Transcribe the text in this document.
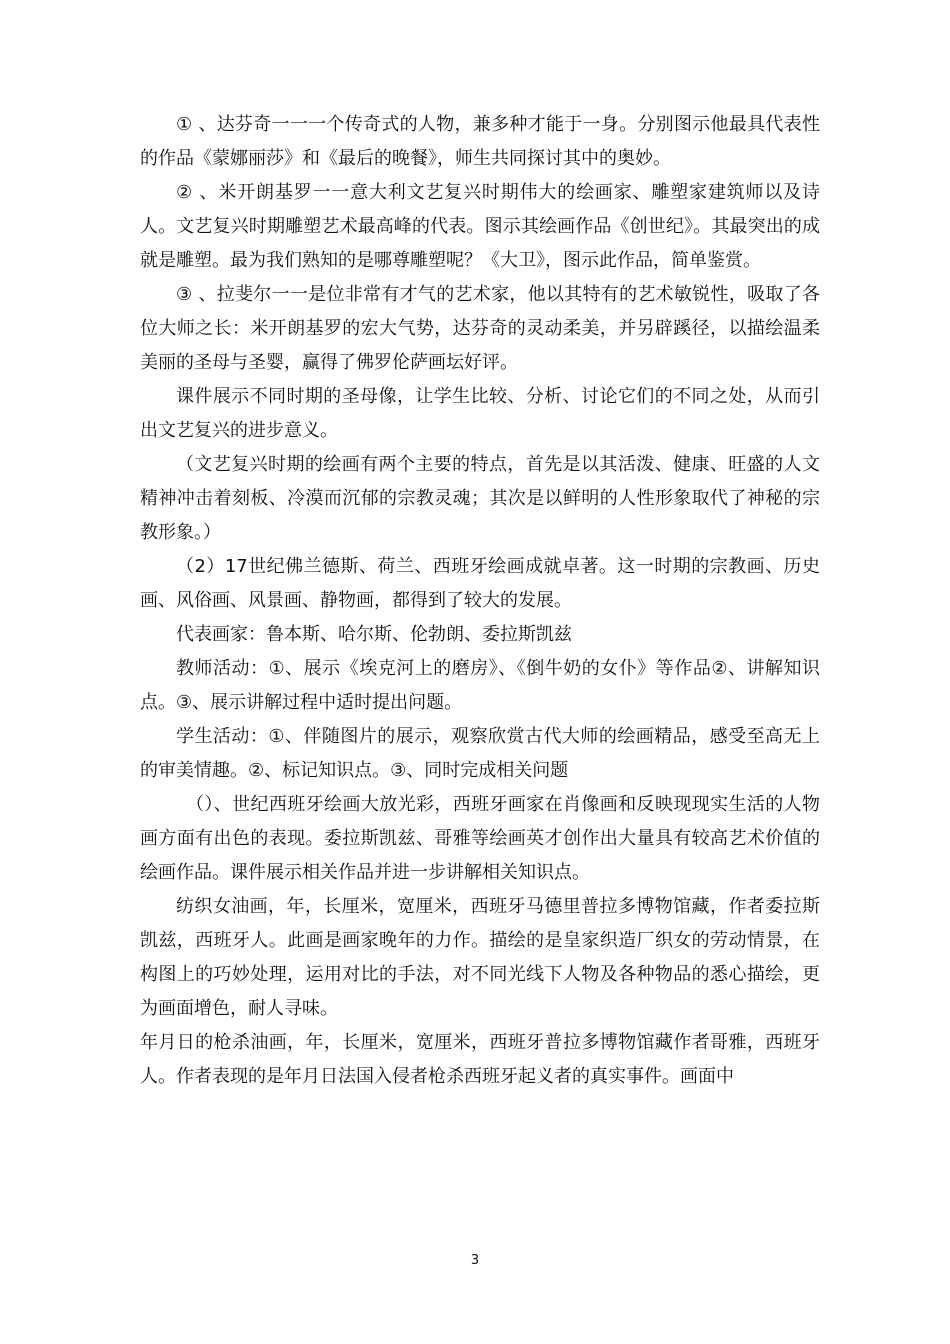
① 、达芬奇一一一个传奇式的人物，兼多种才能于一身。分别图示他最具代表性的作品《蒙娜丽莎》和《最后的晚餐》，师生共同探讨其中的奥妙。

② 、米开朗基罗一一意大利文艺复兴时期伟大的绘画家、雕塑家建筑师以及诗人。文艺复兴时期雕塑艺术最高峰的代表。图示其绘画作品《创世纪》。其最突出的成就是雕塑。最为我们熟知的是哪尊雕塑呢？《大卫》，图示此作品，简单鉴赏。

③ 、拉斐尔一一是位非常有才气的艺术家，他以其特有的艺术敏锐性，吸取了各位大师之长：米开朗基罗的宏大气势，达芬奇的灵动柔美，并另辟蹊径，以描绘温柔美丽的圣母与圣婴，赢得了佛罗伦萨画坛好评。

课件展示不同时期的圣母像，让学生比较、分析、讨论它们的不同之处，从而引出文艺复兴的进步意义。

（文艺复兴时期的绘画有两个主要的特点，首先是以其活泼、健康、旺盛的人文精神冲击着刻板、冷漠而沉郁的宗教灵魂；其次是以鲜明的人性形象取代了神秘的宗教形象。）

（2）17世纪佛兰德斯、荷兰、西班牙绘画成就卓著。这一时期的宗教画、历史画、风俗画、风景画、静物画，都得到了较大的发展。

代表画家：鲁本斯、哈尔斯、伦勃朗、委拉斯凯兹

教师活动：①、展示《埃克河上的磨房》、《倒牛奶的女仆》等作品②、讲解知识点。③、展示讲解过程中适时提出问题。

学生活动：①、伴随图片的展示，观察欣赏古代大师的绘画精品，感受至高无上的审美情趣。②、标记知识点。③、同时完成相关问题

（）、世纪西班牙绘画大放光彩，西班牙画家在肖像画和反映现现实生活的人物画方面有出色的表现。委拉斯凯兹、哥雅等绘画英才创作出大量具有较高艺术价值的绘画作品。课件展示相关作品并进一步讲解相关知识点。

纺织女油画，年，长厘米，宽厘米，西班牙马德里普拉多博物馆藏，作者委拉斯凯兹，西班牙人。此画是画家晚年的力作。描绘的是皇家织造厂织女的劳动情景，在构图上的巧妙处理，运用对比的手法，对不同光线下人物及各种物品的悉心描绘，更为画面增色，耐人寻味。

年月日的枪杀油画，年，长厘米，宽厘米，西班牙普拉多博物馆藏作者哥雅，西班牙人。作者表现的是年月日法国入侵者枪杀西班牙起义者的真实事件。画面中

3
